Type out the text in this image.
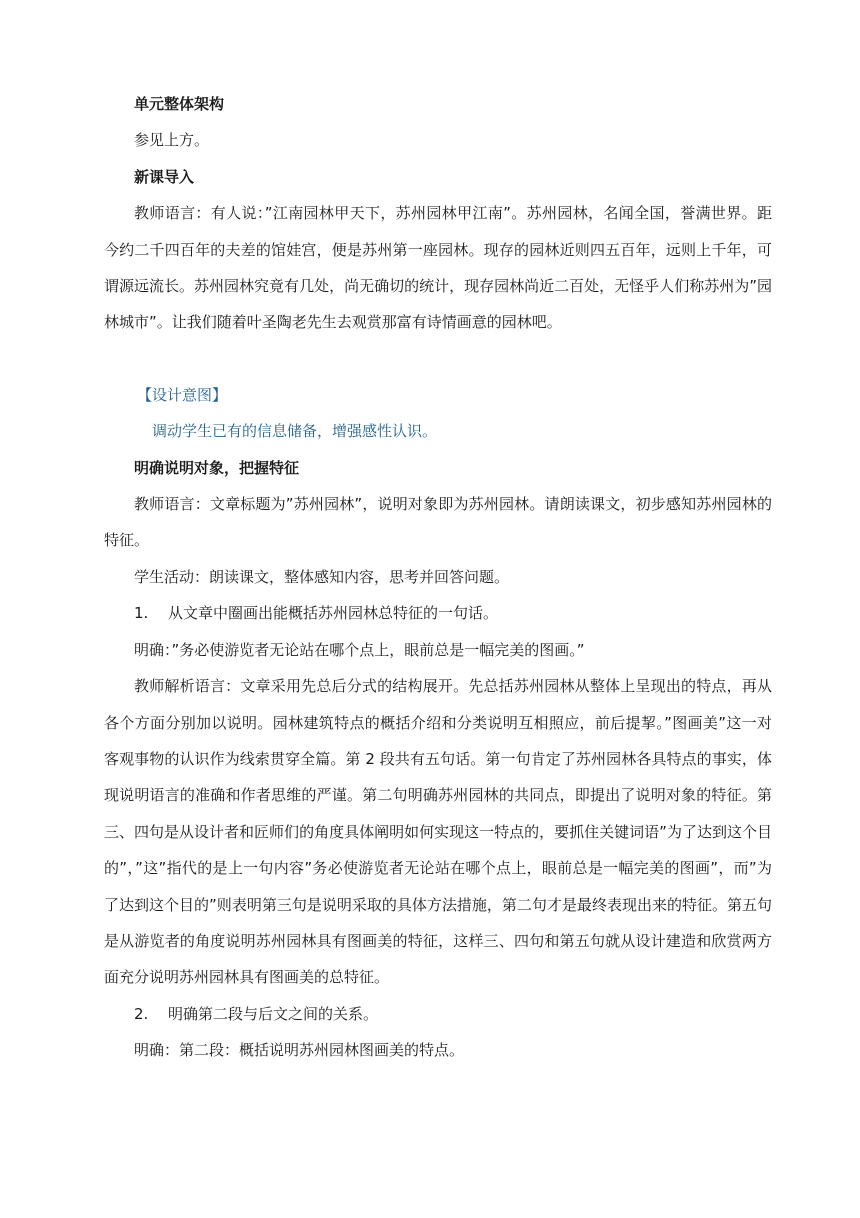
单元整体架构

参见上方。

新课导入

教师语言：有人说：”江南园林甲天下，苏州园林甲江南”。苏州园林，名闻全国，誉满世界。距今约二千四百年的夫差的馆娃宫，便是苏州第一座园林。现存的园林近则四五百年，远则上千年，可谓源远流长。苏州园林究竟有几处，尚无确切的统计，现存园林尚近二百处，无怪乎人们称苏州为”园林城市”。让我们随着叶圣陶老先生去观赏那富有诗情画意的园林吧。

【设计意图】

调动学生已有的信息储备，增强感性认识。

明确说明对象，把握特征

教师语言：文章标题为”苏州园林”，说明对象即为苏州园林。请朗读课文，初步感知苏州园林的特征。

学生活动：朗读课文，整体感知内容，思考并回答问题。

1. 从文章中圈画出能概括苏州园林总特征的一句话。

明确：”务必使游览者无论站在哪个点上，眼前总是一幅完美的图画。”

教师解析语言：文章采用先总后分式的结构展开。先总括苏州园林从整体上呈现出的特点，再从各个方面分别加以说明。园林建筑特点的概括介绍和分类说明互相照应，前后提挈。”图画美”这一对客观事物的认识作为线索贯穿全篇。第 2 段共有五句话。第一句肯定了苏州园林各具特点的事实，体现说明语言的准确和作者思维的严谨。第二句明确苏州园林的共同点，即提出了说明对象的特征。第三、四句是从设计者和匠师们的角度具体阐明如何实现这一特点的，要抓住关键词语”为了达到这个目的”，”这”指代的是上一句内容”务必使游览者无论站在哪个点上，眼前总是一幅完美的图画”，而”为了达到这个目的”则表明第三句是说明采取的具体方法措施，第二句才是最终表现出来的特征。第五句是从游览者的角度说明苏州园林具有图画美的特征，这样三、四句和第五句就从设计建造和欣赏两方面充分说明苏州园林具有图画美的总特征。

2. 明确第二段与后文之间的关系。

明确：第二段：概括说明苏州园林图画美的特点。
